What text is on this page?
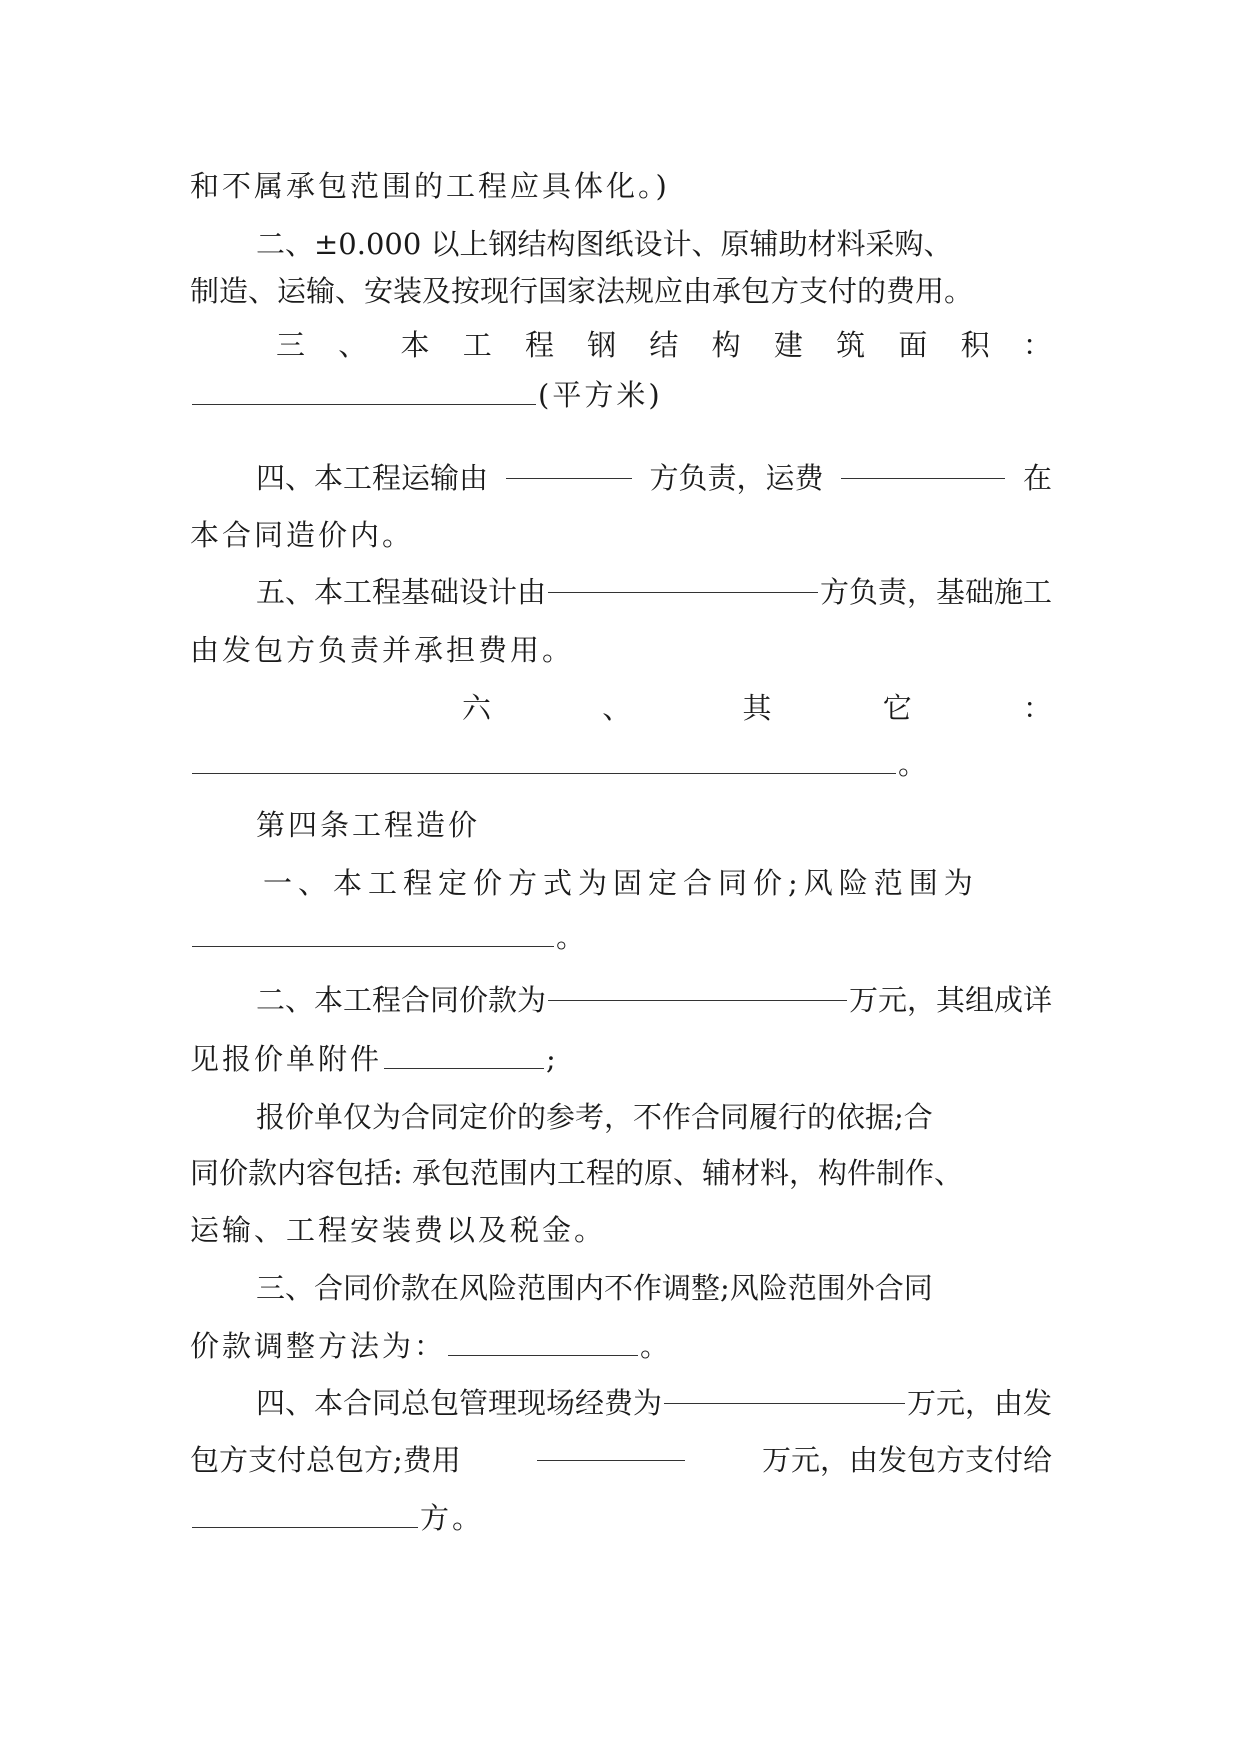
和不属承包范围的工程应具体化。)
二、±0.000 以上钢结构图纸设计、原辅助材料采购、
制造、运输、安装及按现行国家法规应由承包方支付的费用。
三 、 本 工 程 钢 结 构 建 筑 面 积 ：
(平方米)
四、本工程运输由	方负责，运费	在
本合同造价内。
五、本工程基础设计由	方负责，基础施工
由发包方负责并承担费用。
六	、	其	它	：
。
第四条工程造价
一、本工程定价方式为固定合同价;风险范围为
。
二、本工程合同价款为	万元，其组成详
见报价单附件	;
报价单仅为合同定价的参考，不作合同履行的依据;合
同价款内容包括: 承包范围内工程的原、辅材料，构件制作、
运输、工程安装费以及税金。
三、合同价款在风险范围内不作调整;风险范围外合同
价款调整方法为：	。
四、本合同总包管理现场经费为	万元，由发
包方支付总包方;费用	万元，由发包方支付给
方。
